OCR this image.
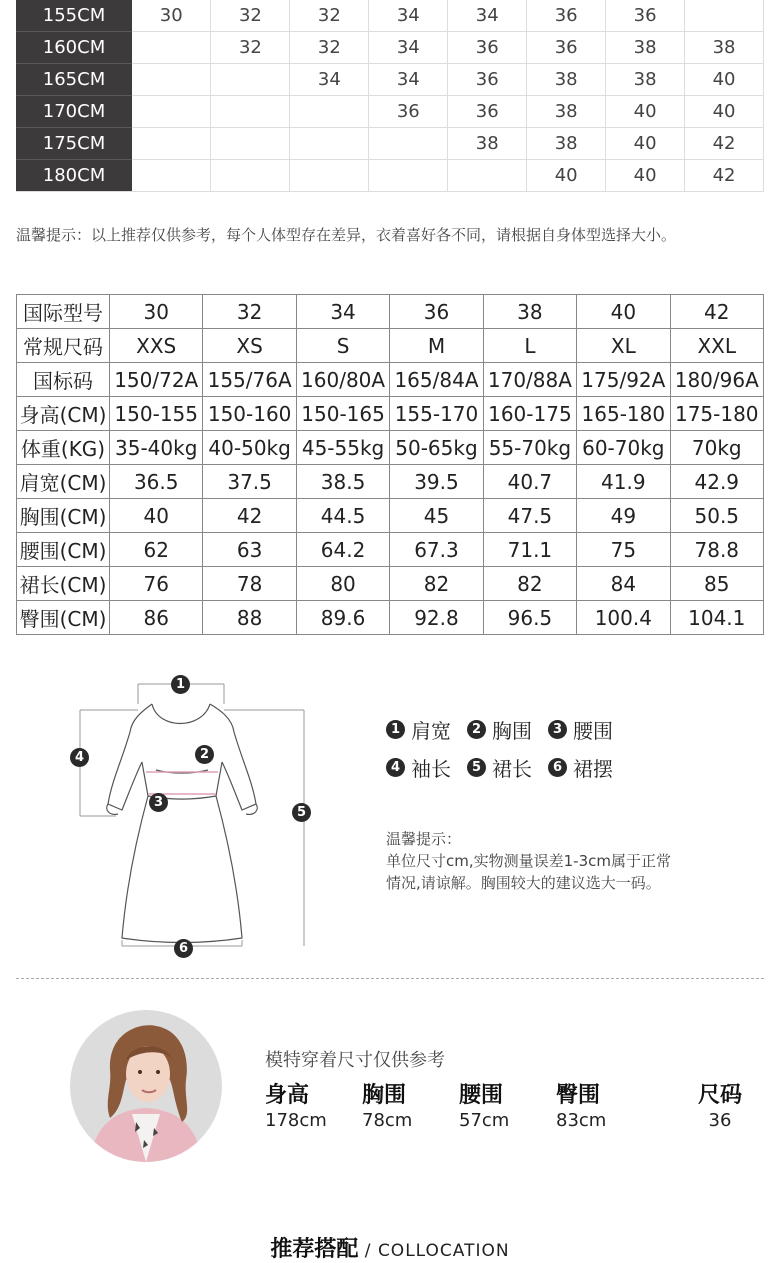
155CM	30	32	32	34	34	36	36	
160CM		32	32	34	36	36	38	38
165CM			34	34	36	38	38	40
170CM				36	36	38	40	40
175CM					38	38	40	42
180CM						40	40	42
温馨提示：以上推荐仅供参考，每个人体型存在差异，衣着喜好各不同，请根据自身体型选择大小。
国际型号	30	32	34	36	38	40	42
常规尺码	XXS	XS	S	M	L	XL	XXL
国标码	150/72A	155/76A	160/80A	165/84A	170/88A	175/92A	180/96A
身高(CM)	150-155	150-160	150-165	155-170	160-175	165-180	175-180
体重(KG)	35-40kg	40-50kg	45-55kg	50-65kg	55-70kg	60-70kg	70kg
肩宽(CM)	36.5	37.5	38.5	39.5	40.7	41.9	42.9
胸围(CM)	40	42	44.5	45	47.5	49	50.5
腰围(CM)	62	63	64.2	67.3	71.1	75	78.8
裙长(CM)	76	78	80	82	82	84	85
臀围(CM)	86	88	89.6	92.8	96.5	100.4	104.1
1
2
3
4
5
6
1 肩宽	2 胸围	3 腰围
4 袖长	5 裙长	6 裙摆
温馨提示：
单位尺寸cm,实物测量误差1-3cm属于正常
情况,请谅解。胸围较大的建议选大一码。
模特穿着尺寸仅供参考
身高
178cm
胸围
78cm
腰围
57cm
臀围
83cm
尺码
36
推荐搭配 / COLLOCATION
